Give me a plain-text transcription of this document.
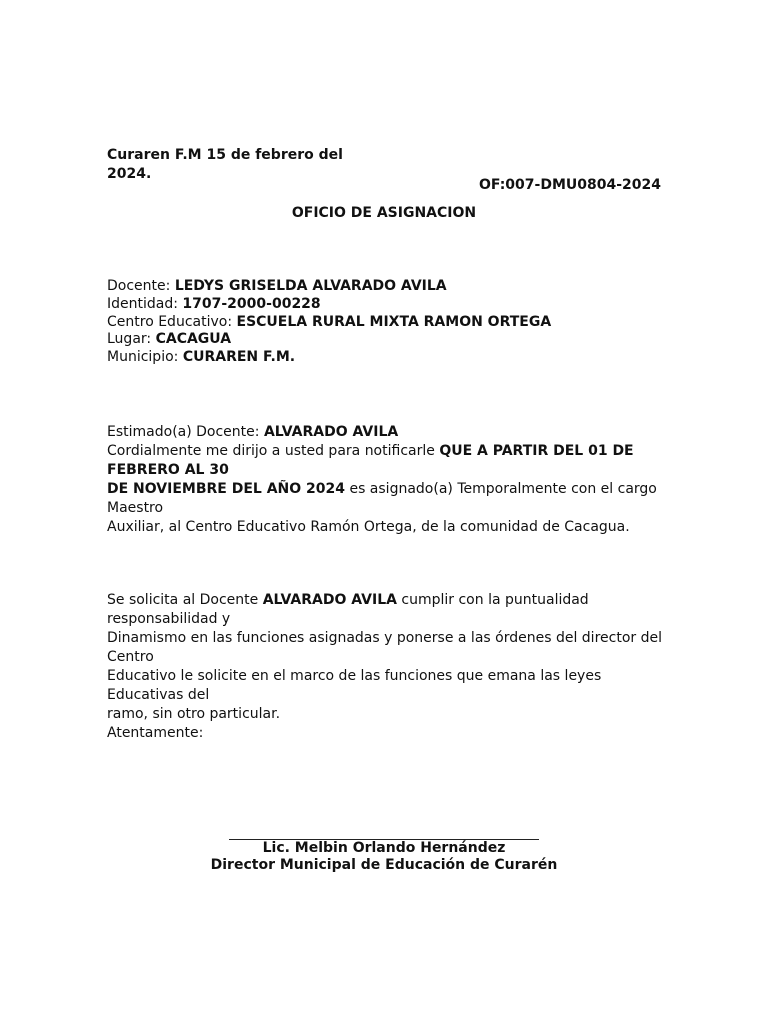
Curaren F.M 15 de febrero del
2024.
OF:007-DMU0804-2024
OFICIO DE ASIGNACION
Docente: LEDYS GRISELDA ALVARADO AVILA
Identidad: 1707-2000-00228
Centro Educativo: ESCUELA RURAL MIXTA RAMON ORTEGA
Lugar: CACAGUA
Municipio: CURAREN F.M.
Estimado(a) Docente: ALVARADO AVILA
Cordialmente me dirijo a usted para notificarle QUE A PARTIR DEL 01 DE
FEBRERO AL 30
DE NOVIEMBRE DEL AÑO 2024 es asignado(a) Temporalmente con el cargo
Maestro
Auxiliar, al Centro Educativo Ramón Ortega, de la comunidad de Cacagua.
Se solicita al Docente ALVARADO AVILA cumplir con la puntualidad
responsabilidad y
Dinamismo en las funciones asignadas y ponerse a las órdenes del director del
Centro
Educativo le solicite en el marco de las funciones que emana las leyes
Educativas del
ramo, sin otro particular.
Atentamente:
Lic. Melbin Orlando Hernández
Director Municipal de Educación de Curarén
